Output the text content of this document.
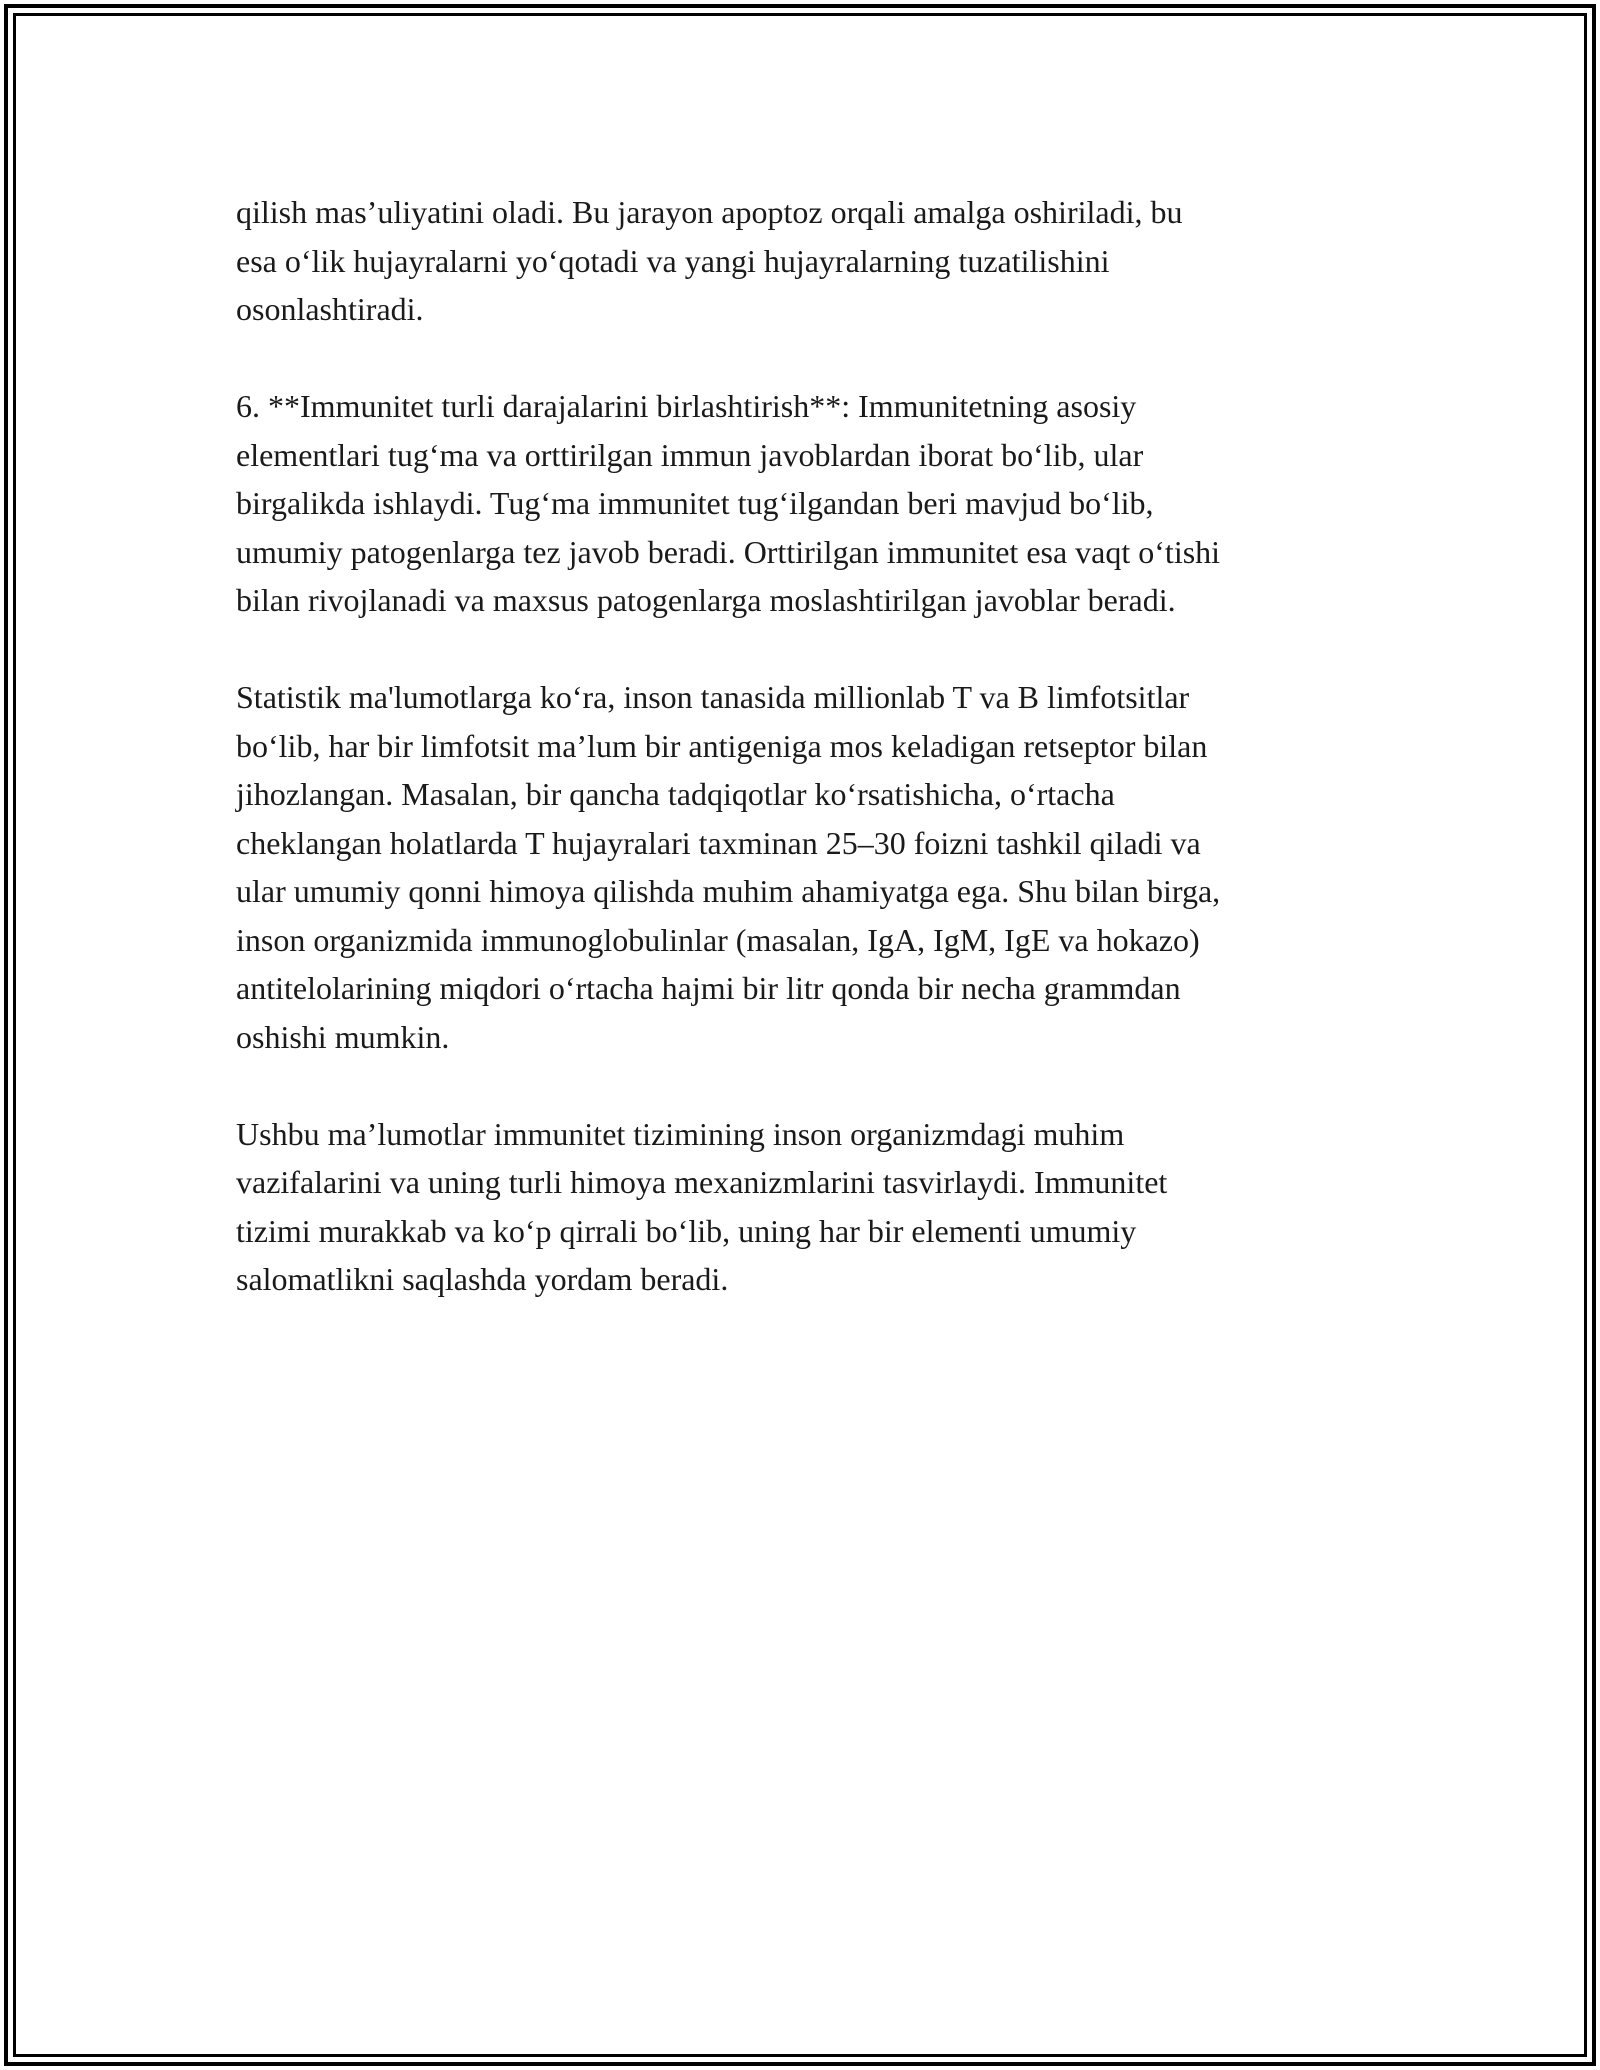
qilish mas’uliyatini oladi. Bu jarayon apoptoz orqali amalga oshiriladi, bu
esa o‘lik hujayralarni yo‘qotadi va yangi hujayralarning tuzatilishini
osonlashtiradi.

6. **Immunitet turli darajalarini birlashtirish**: Immunitetning asosiy
elementlari tug‘ma va orttirilgan immun javoblardan iborat bo‘lib, ular
birgalikda ishlaydi. Tug‘ma immunitet tug‘ilgandan beri mavjud bo‘lib,
umumiy patogenlarga tez javob beradi. Orttirilgan immunitet esa vaqt o‘tishi
bilan rivojlanadi va maxsus patogenlarga moslashtirilgan javoblar beradi.

Statistik ma'lumotlarga ko‘ra, inson tanasida millionlab T va B limfotsitlar
bo‘lib, har bir limfotsit ma’lum bir antigeniga mos keladigan retseptor bilan
jihozlangan. Masalan, bir qancha tadqiqotlar ko‘rsatishicha, o‘rtacha
cheklangan holatlarda T hujayralari taxminan 25–30 foizni tashkil qiladi va
ular umumiy qonni himoya qilishda muhim ahamiyatga ega. Shu bilan birga,
inson organizmida immunoglobulinlar (masalan, IgA, IgM, IgE va hokazo)
antitelolarining miqdori o‘rtacha hajmi bir litr qonda bir necha grammdan
oshishi mumkin.

Ushbu ma’lumotlar immunitet tizimining inson organizmdagi muhim
vazifalarini va uning turli himoya mexanizmlarini tasvirlaydi. Immunitet
tizimi murakkab va ko‘p qirrali bo‘lib, uning har bir elementi umumiy
salomatlikni saqlashda yordam beradi.
